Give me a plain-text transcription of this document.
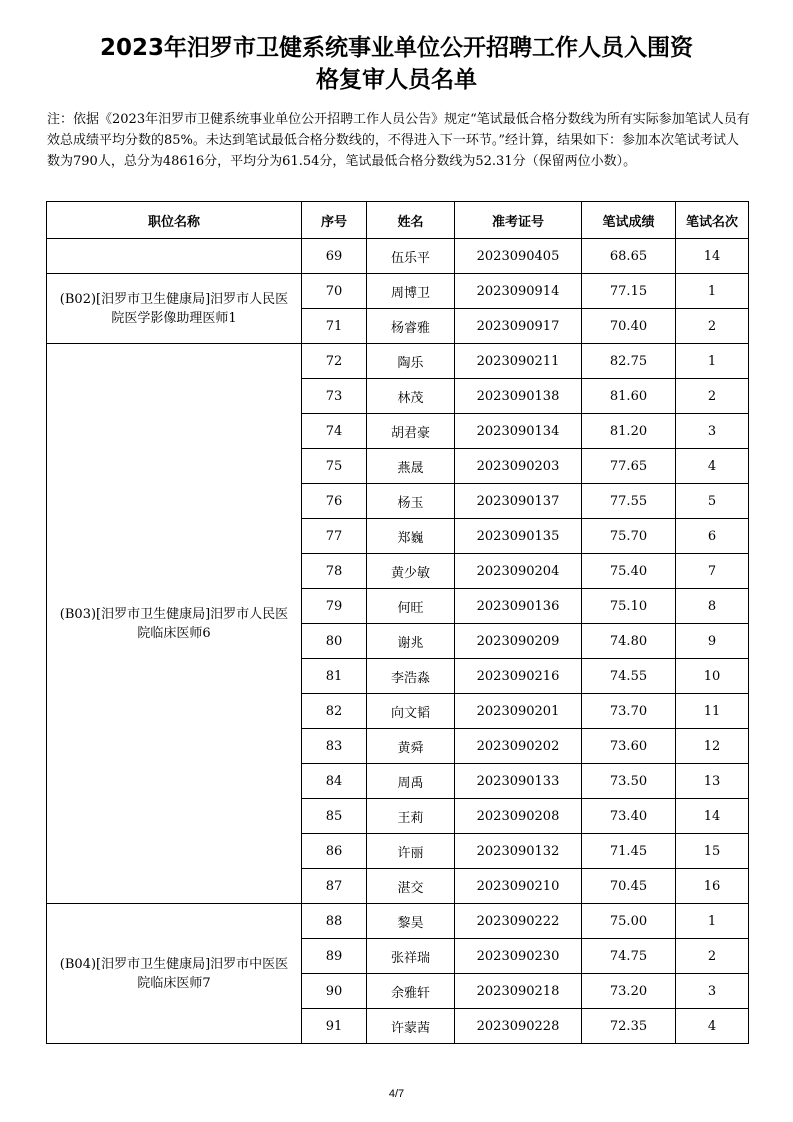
2023年汨罗市卫健系统事业单位公开招聘工作人员入围资
格复审人员名单
注：依据《2023年汨罗市卫健系统事业单位公开招聘工作人员公告》规定“笔试最低合格分数线为所有实际参加笔试人员有效总成绩平均分数的85%。未达到笔试最低合格分数线的，不得进入下一环节。”经计算，结果如下：参加本次笔试考试人数为790人，总分为48616分，平均分为61.54分，笔试最低合格分数线为52.31分（保留两位小数）。
职位名称	序号	姓名	准考证号	笔试成绩	笔试名次
	69	伍乐平	2023090405	68.65	14
(B02)[汨罗市卫生健康局]汨罗市人民医院医学影像助理医师1	70	周博卫	2023090914	77.15	1
	71	杨睿雅	2023090917	70.40	2
(B03)[汨罗市卫生健康局]汨罗市人民医院临床医师6	72	陶乐	2023090211	82.75	1
	73	林茂	2023090138	81.60	2
	74	胡君豪	2023090134	81.20	3
	75	燕晟	2023090203	77.65	4
	76	杨玉	2023090137	77.55	5
	77	郑巍	2023090135	75.70	6
	78	黄少敏	2023090204	75.40	7
	79	何旺	2023090136	75.10	8
	80	谢兆	2023090209	74.80	9
	81	李浩淼	2023090216	74.55	10
	82	向文韬	2023090201	73.70	11
	83	黄舜	2023090202	73.60	12
	84	周禹	2023090133	73.50	13
	85	王莉	2023090208	73.40	14
	86	许丽	2023090132	71.45	15
	87	湛交	2023090210	70.45	16
(B04)[汨罗市卫生健康局]汨罗市中医医院临床医师7	88	黎昊	2023090222	75.00	1
	89	张祥瑞	2023090230	74.75	2
	90	余雅轩	2023090218	73.20	3
	91	许蒙茜	2023090228	72.35	4
4/7
